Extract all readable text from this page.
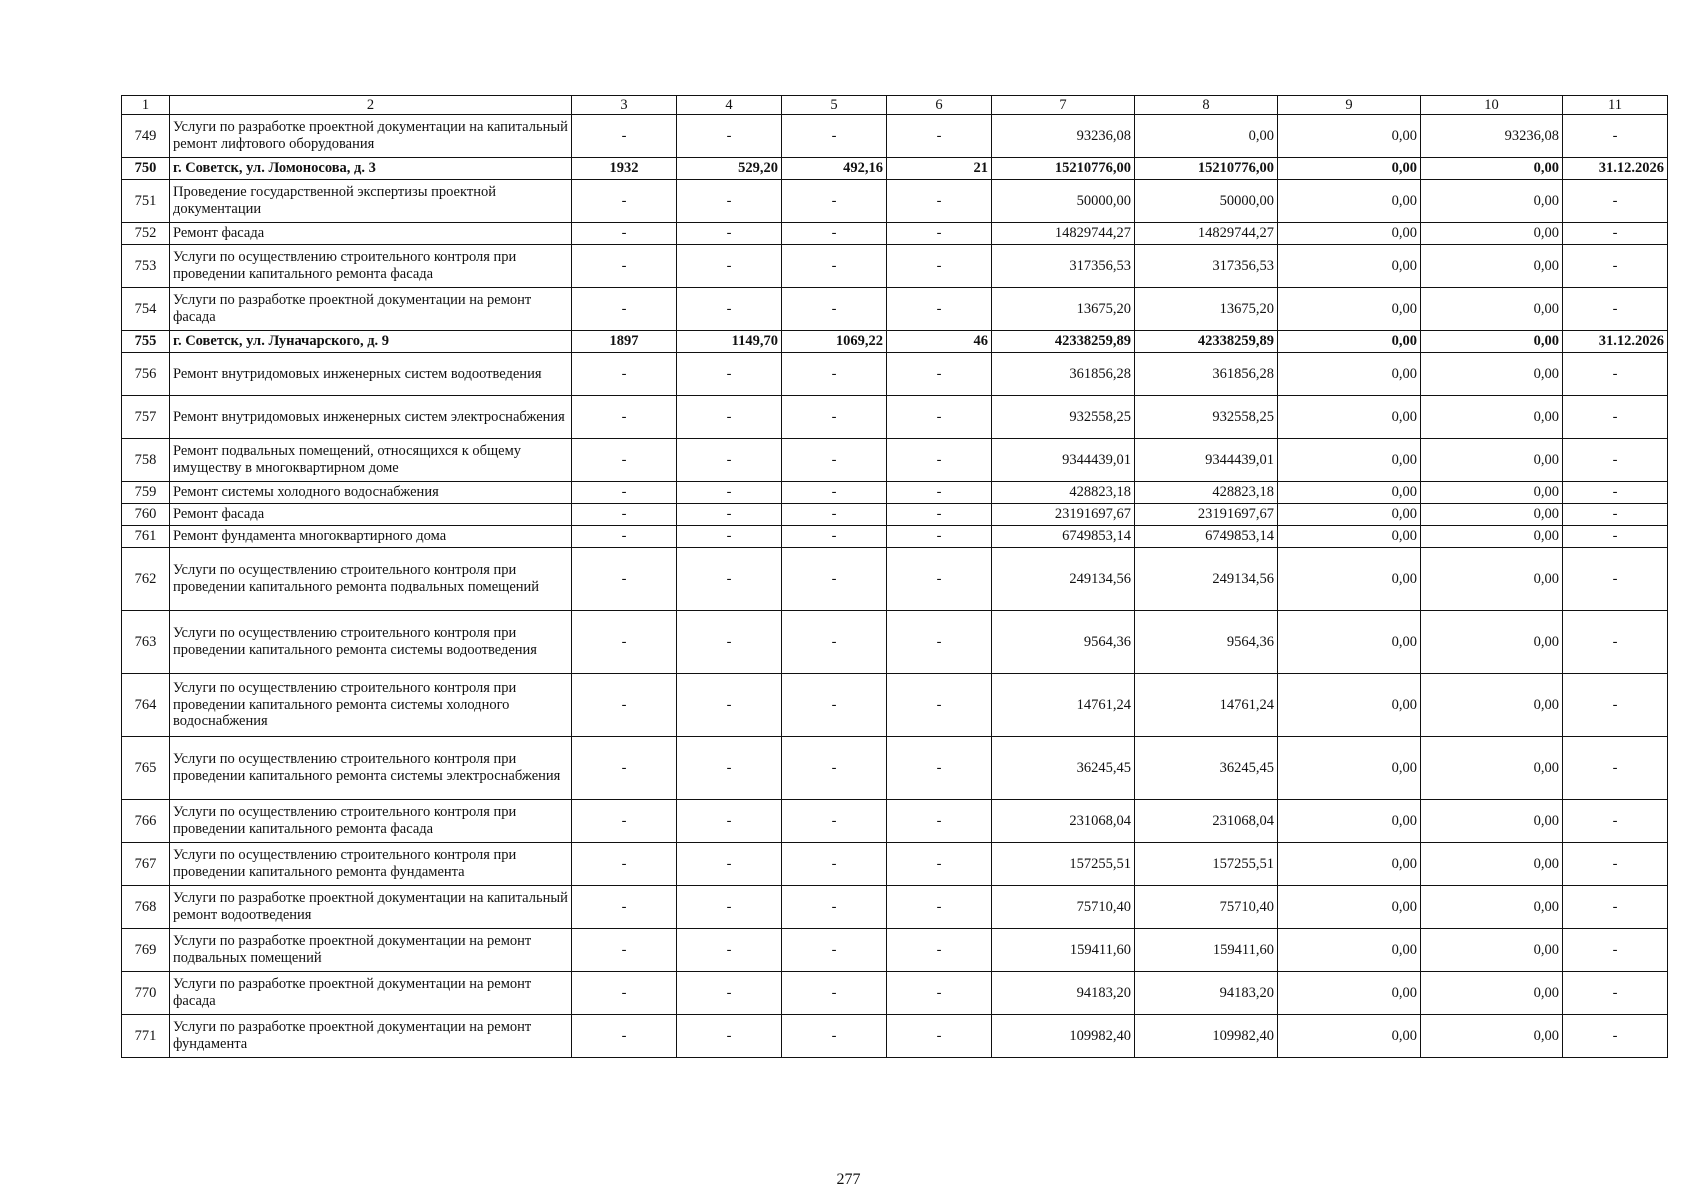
1	2	3	4	5	6	7	8	9	10	11
749	Услуги по разработке проектной документации на капитальный ремонт лифтового оборудования	-	-	-	-	93236,08	0,00	0,00	93236,08	-
750	г. Советск, ул. Ломоносова, д. 3	1932	529,20	492,16	21	15210776,00	15210776,00	0,00	0,00	31.12.2026
751	Проведение государственной экспертизы проектной документации	-	-	-	-	50000,00	50000,00	0,00	0,00	-
752	Ремонт фасада	-	-	-	-	14829744,27	14829744,27	0,00	0,00	-
753	Услуги по осуществлению строительного контроля при проведении капитального ремонта фасада	-	-	-	-	317356,53	317356,53	0,00	0,00	-
754	Услуги по разработке проектной документации на ремонт фасада	-	-	-	-	13675,20	13675,20	0,00	0,00	-
755	г. Советск, ул. Луначарского, д. 9	1897	1149,70	1069,22	46	42338259,89	42338259,89	0,00	0,00	31.12.2026
756	Ремонт внутридомовых инженерных систем водоотведения	-	-	-	-	361856,28	361856,28	0,00	0,00	-
757	Ремонт внутридомовых инженерных систем электроснабжения	-	-	-	-	932558,25	932558,25	0,00	0,00	-
758	Ремонт подвальных помещений, относящихся к общему имуществу в многоквартирном доме	-	-	-	-	9344439,01	9344439,01	0,00	0,00	-
759	Ремонт системы холодного водоснабжения	-	-	-	-	428823,18	428823,18	0,00	0,00	-
760	Ремонт фасада	-	-	-	-	23191697,67	23191697,67	0,00	0,00	-
761	Ремонт фундамента многоквартирного дома	-	-	-	-	6749853,14	6749853,14	0,00	0,00	-
762	Услуги по осуществлению строительного контроля при проведении капитального ремонта подвальных помещений	-	-	-	-	249134,56	249134,56	0,00	0,00	-
763	Услуги по осуществлению строительного контроля при проведении капитального ремонта системы водоотведения	-	-	-	-	9564,36	9564,36	0,00	0,00	-
764	Услуги по осуществлению строительного контроля при проведении капитального ремонта системы холодного водоснабжения	-	-	-	-	14761,24	14761,24	0,00	0,00	-
765	Услуги по осуществлению строительного контроля при проведении капитального ремонта системы электроснабжения	-	-	-	-	36245,45	36245,45	0,00	0,00	-
766	Услуги по осуществлению строительного контроля при проведении капитального ремонта фасада	-	-	-	-	231068,04	231068,04	0,00	0,00	-
767	Услуги по осуществлению строительного контроля при проведении капитального ремонта фундамента	-	-	-	-	157255,51	157255,51	0,00	0,00	-
768	Услуги по разработке проектной документации на капитальный ремонт водоотведения	-	-	-	-	75710,40	75710,40	0,00	0,00	-
769	Услуги по разработке проектной документации на ремонт подвальных помещений	-	-	-	-	159411,60	159411,60	0,00	0,00	-
770	Услуги по разработке проектной документации на ремонт фасада	-	-	-	-	94183,20	94183,20	0,00	0,00	-
771	Услуги по разработке проектной документации на ремонт фундамента	-	-	-	-	109982,40	109982,40	0,00	0,00	-
277
